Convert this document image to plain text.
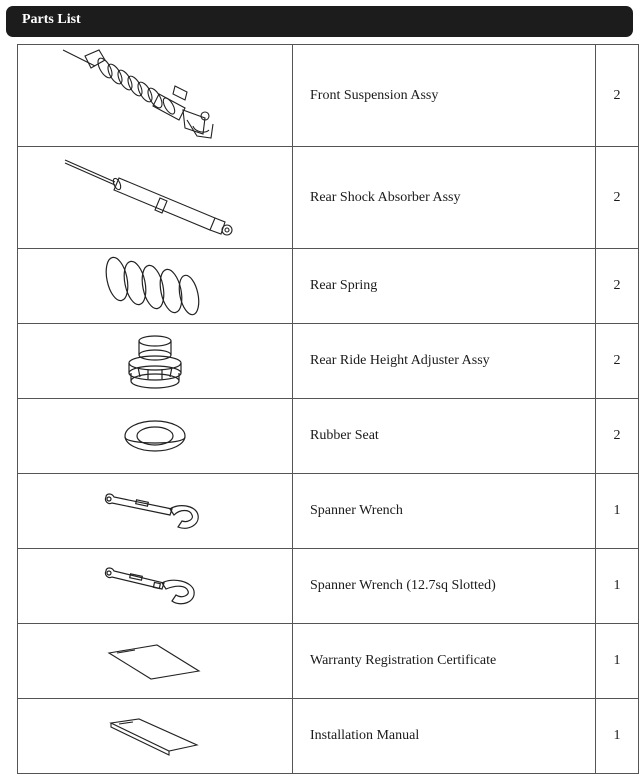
Parts List
	Front Suspension Assy	2

	Rear Shock Absorber Assy	2

	Rear Spring	2

	Rear Ride Height Adjuster Assy	2

	Rubber Seat	2

	Spanner Wrench	1

	Spanner Wrench (12.7sq Slotted)	1

	Warranty Registration Certificate	1

	Installation Manual	1
